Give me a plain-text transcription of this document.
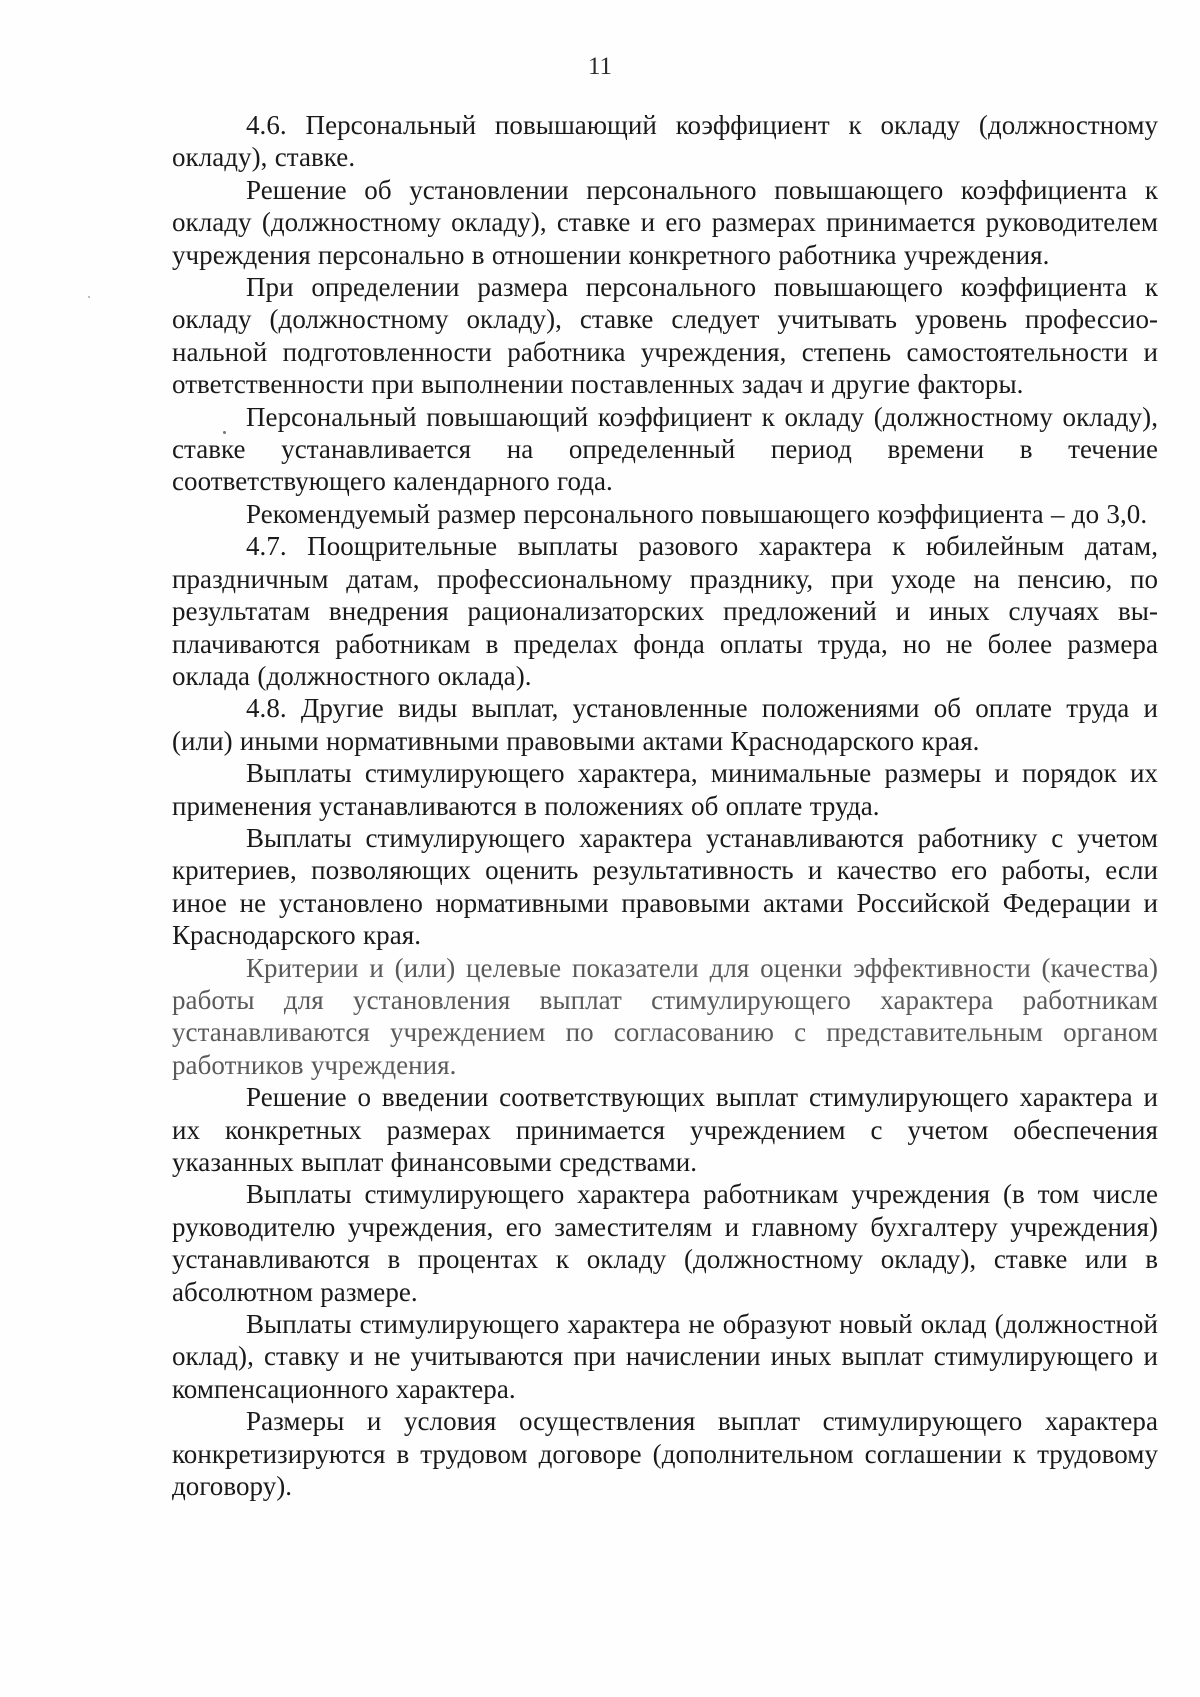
11

4.6. Персональный повышающий коэффициент к окладу (должностному окладу), ставке.

Решение об установлении персонального повышающего коэффициента к окладу (должностному окладу), ставке и его размерах принимается руководителем учреждения персонально в отношении конкретного работника учреждения.

При определении размера персонального повышающего коэффициента к окладу (должностному окладу), ставке следует учитывать уровень профессиональной подготовленности работника учреждения, степень самостоятельности и ответственности при выполнении поставленных задач и другие факторы.

Персональный повышающий коэффициент к окладу (должностному окладу), ставке устанавливается на определенный период времени в течение соответствующего календарного года.

Рекомендуемый размер персонального повышающего коэффициента – до 3,0.

4.7. Поощрительные выплаты разового характера к юбилейным датам, праздничным датам, профессиональному празднику, при уходе на пенсию, по результатам внедрения рационализаторских предложений и иных случаях выплачиваются работникам в пределах фонда оплаты труда, но не более размера оклада (должностного оклада).

4.8. Другие виды выплат, установленные положениями об оплате труда и (или) иными нормативными правовыми актами Краснодарского края.

Выплаты стимулирующего характера, минимальные размеры и порядок их применения устанавливаются в положениях об оплате труда.

Выплаты стимулирующего характера устанавливаются работнику с учетом критериев, позволяющих оценить результативность и качество его работы, если иное не установлено нормативными правовыми актами Российской Федерации и Краснодарского края.

Критерии и (или) целевые показатели для оценки эффективности (качества) работы для установления выплат стимулирующего характера работникам устанавливаются учреждением по согласованию с представительным органом работников учреждения.

Решение о введении соответствующих выплат стимулирующего характера и их конкретных размерах принимается учреждением с учетом обеспечения указанных выплат финансовыми средствами.

Выплаты стимулирующего характера работникам учреждения (в том числе руководителю учреждения, его заместителям и главному бухгалтеру учреждения) устанавливаются в процентах к окладу (должностному окладу), ставке или в абсолютном размере.

Выплаты стимулирующего характера не образуют новый оклад (должностной оклад), ставку и не учитываются при начислении иных выплат стимулирующего и компенсационного характера.

Размеры и условия осуществления выплат стимулирующего характера конкретизируются в трудовом договоре (дополнительном соглашении к трудовому договору).
